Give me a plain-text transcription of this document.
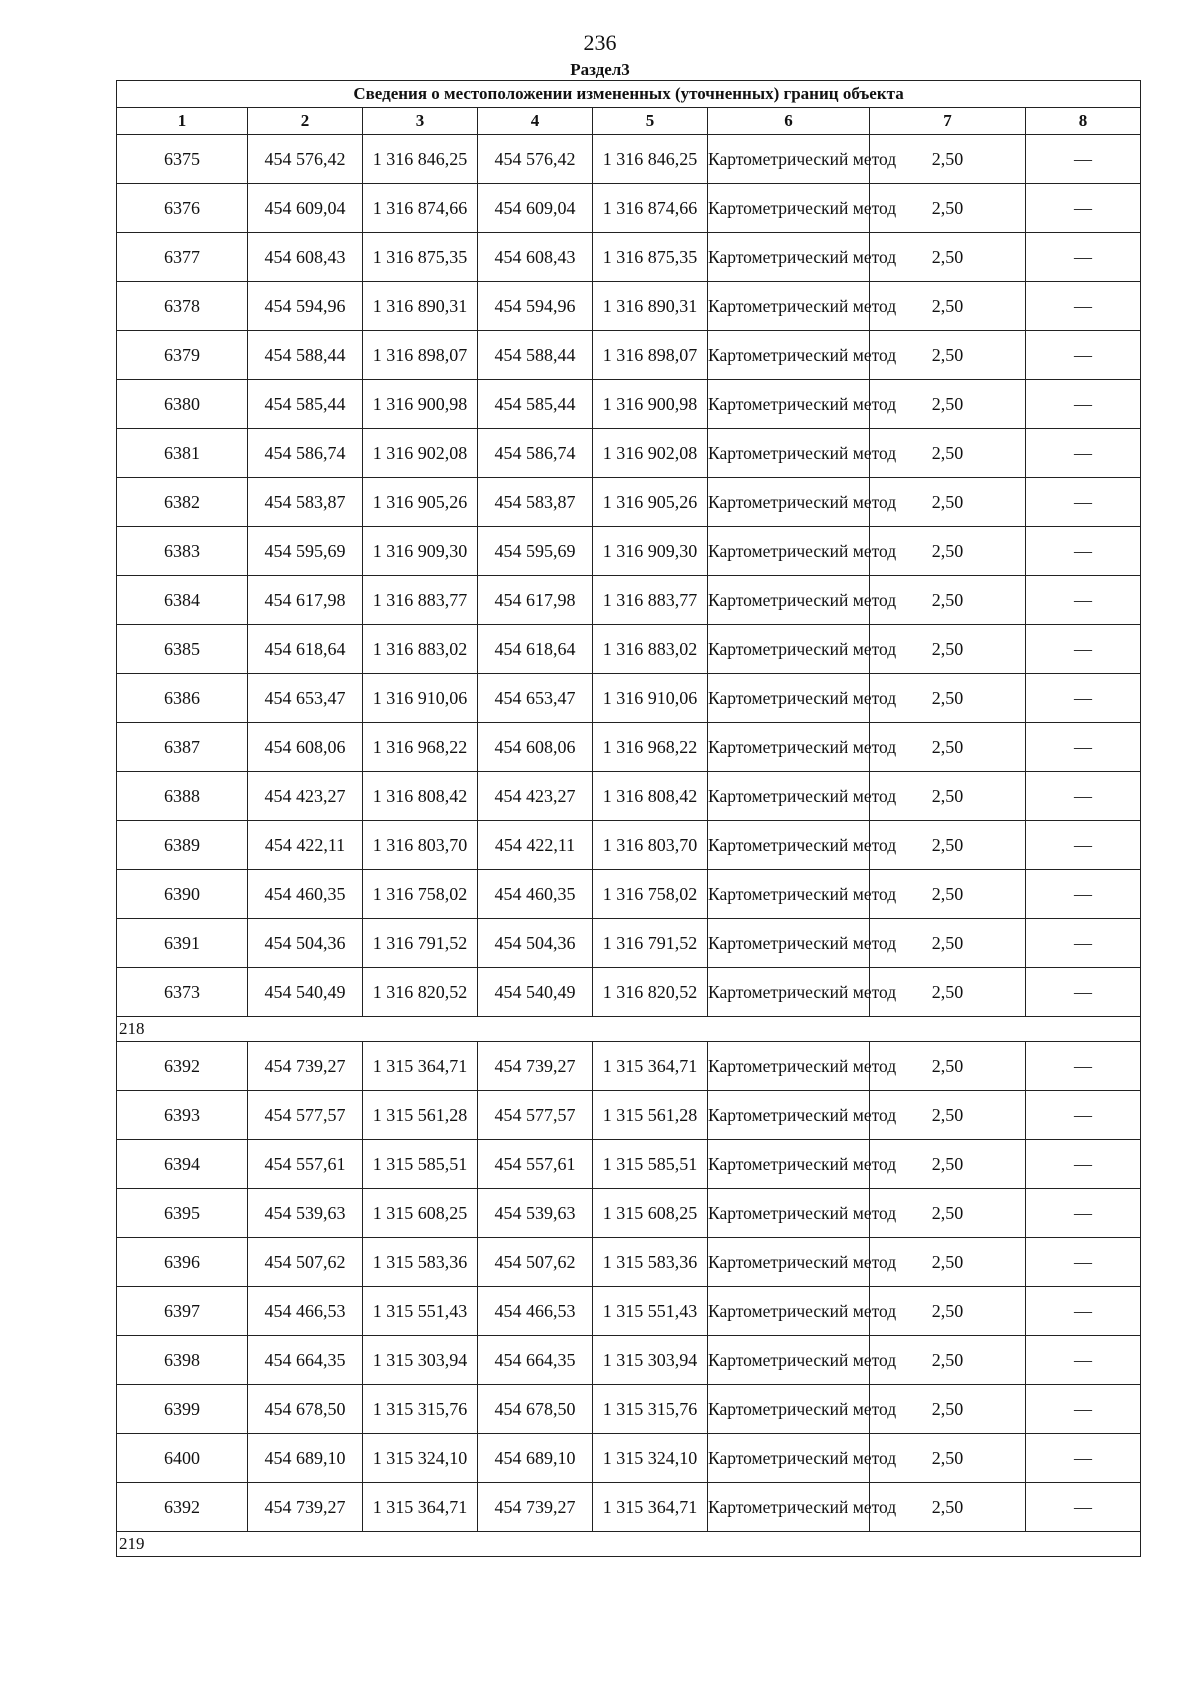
236
Раздел3
Сведения о местоположении измененных (уточненных) границ объекта							
1	2	3	4	5	6	7	8
6375	454 576,42	1 316 846,25	454 576,42	1 316 846,25	Картометрический метод	2,50	—
6376	454 609,04	1 316 874,66	454 609,04	1 316 874,66	Картометрический метод	2,50	—
6377	454 608,43	1 316 875,35	454 608,43	1 316 875,35	Картометрический метод	2,50	—
6378	454 594,96	1 316 890,31	454 594,96	1 316 890,31	Картометрический метод	2,50	—
6379	454 588,44	1 316 898,07	454 588,44	1 316 898,07	Картометрический метод	2,50	—
6380	454 585,44	1 316 900,98	454 585,44	1 316 900,98	Картометрический метод	2,50	—
6381	454 586,74	1 316 902,08	454 586,74	1 316 902,08	Картометрический метод	2,50	—
6382	454 583,87	1 316 905,26	454 583,87	1 316 905,26	Картометрический метод	2,50	—
6383	454 595,69	1 316 909,30	454 595,69	1 316 909,30	Картометрический метод	2,50	—
6384	454 617,98	1 316 883,77	454 617,98	1 316 883,77	Картометрический метод	2,50	—
6385	454 618,64	1 316 883,02	454 618,64	1 316 883,02	Картометрический метод	2,50	—
6386	454 653,47	1 316 910,06	454 653,47	1 316 910,06	Картометрический метод	2,50	—
6387	454 608,06	1 316 968,22	454 608,06	1 316 968,22	Картометрический метод	2,50	—
6388	454 423,27	1 316 808,42	454 423,27	1 316 808,42	Картометрический метод	2,50	—
6389	454 422,11	1 316 803,70	454 422,11	1 316 803,70	Картометрический метод	2,50	—
6390	454 460,35	1 316 758,02	454 460,35	1 316 758,02	Картометрический метод	2,50	—
6391	454 504,36	1 316 791,52	454 504,36	1 316 791,52	Картометрический метод	2,50	—
6373	454 540,49	1 316 820,52	454 540,49	1 316 820,52	Картометрический метод	2,50	—
218							
6392	454 739,27	1 315 364,71	454 739,27	1 315 364,71	Картометрический метод	2,50	—
6393	454 577,57	1 315 561,28	454 577,57	1 315 561,28	Картометрический метод	2,50	—
6394	454 557,61	1 315 585,51	454 557,61	1 315 585,51	Картометрический метод	2,50	—
6395	454 539,63	1 315 608,25	454 539,63	1 315 608,25	Картометрический метод	2,50	—
6396	454 507,62	1 315 583,36	454 507,62	1 315 583,36	Картометрический метод	2,50	—
6397	454 466,53	1 315 551,43	454 466,53	1 315 551,43	Картометрический метод	2,50	—
6398	454 664,35	1 315 303,94	454 664,35	1 315 303,94	Картометрический метод	2,50	—
6399	454 678,50	1 315 315,76	454 678,50	1 315 315,76	Картометрический метод	2,50	—
6400	454 689,10	1 315 324,10	454 689,10	1 315 324,10	Картометрический метод	2,50	—
6392	454 739,27	1 315 364,71	454 739,27	1 315 364,71	Картометрический метод	2,50	—
219							
